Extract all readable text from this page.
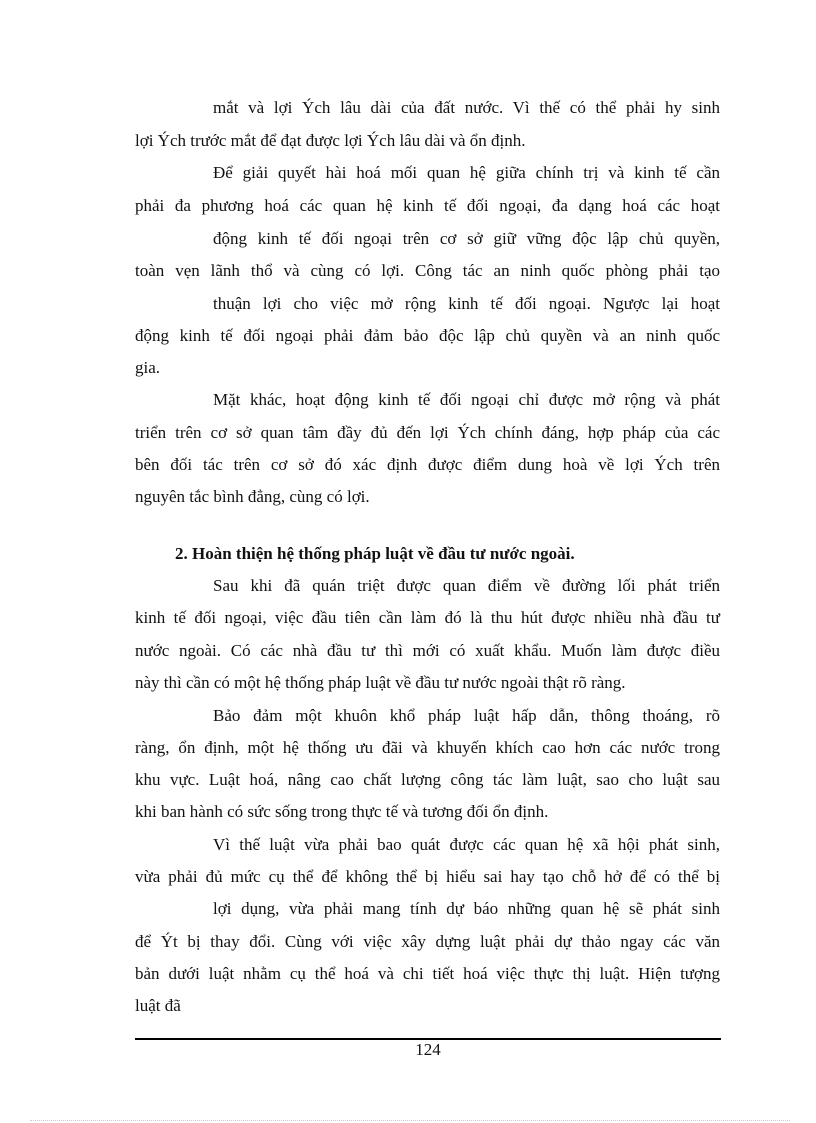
mắt và lợi Ých lâu dài của đất nước. Vì thế có thể phải hy sinh
lợi Ých trước mắt để đạt được lợi Ých lâu dài và ổn định.
Để giải quyết hài hoá mối quan hệ giữa chính trị và kinh tế cần
phải đa phương hoá các quan hệ kinh tế đối ngoại, đa dạng hoá các hoạt
động kinh tế đối ngoại trên cơ sở giữ vững độc lập chủ quyền,
toàn vẹn lãnh thổ và cùng có lợi. Công tác an ninh quốc phòng phải tạo
thuận lợi cho việc mở rộng kinh tế đối ngoại. Ngược lại hoạt
động kinh tế đối ngoại phải đảm bảo độc lập chủ quyền và an ninh quốc
gia.
Mặt khác, hoạt động kinh tế đối ngoại chỉ được mở rộng và phát
triển trên cơ sở quan tâm đầy đủ đến lợi Ých chính đáng, hợp pháp của các
bên đối tác trên cơ sở đó xác định được điểm dung hoà về lợi Ých trên
nguyên tắc bình đẳng, cùng có lợi.
2. Hoàn thiện hệ thống pháp luật về đầu tư nước ngoài.
Sau khi đã quán triệt được quan điểm về đường lối phát triển
kinh tế đối ngoại, việc đầu tiên cần làm đó là thu hút được nhiều nhà đầu tư
nước ngoài. Có các nhà đầu tư thì mới có xuất khẩu. Muốn làm được điều
này thì cần có một hệ thống pháp luật về đầu tư nước ngoài thật rõ ràng.
Bảo đảm một khuôn khổ pháp luật hấp dẫn, thông thoáng, rõ
ràng, ổn định, một hệ thống ưu đãi và khuyến khích cao hơn các nước trong
khu vực. Luật hoá, nâng cao chất lượng công tác làm luật, sao cho luật sau
khi ban hành có sức sống trong thực tế và tương đối ổn định.
Vì thế luật vừa phải bao quát được các quan hệ xã hội phát sinh,
vừa phải đủ mức cụ thể để không thể bị hiểu sai hay tạo chỗ hở để có thể bị
lợi dụng, vừa phải mang tính dự báo những quan hệ sẽ phát sinh
để Ýt bị thay đổi. Cùng với việc xây dựng luật phải dự thảo ngay các văn
bản dưới luật nhằm cụ thể hoá và chi tiết hoá việc thực thị luật. Hiện tượng
luật đã
124
